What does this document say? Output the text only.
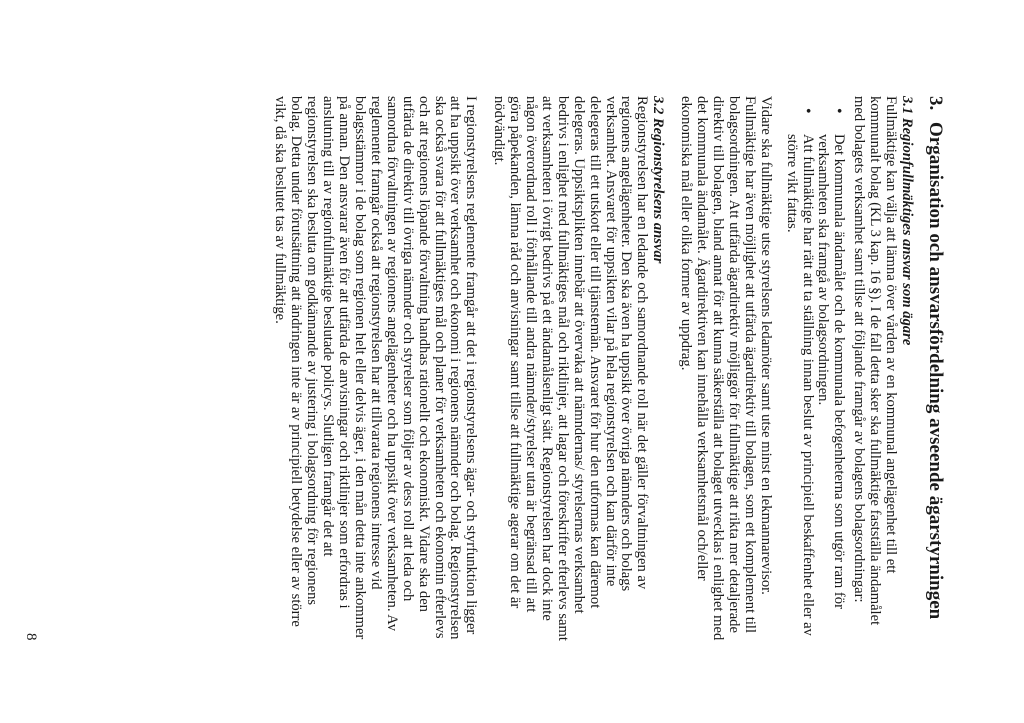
3.Organisation och ansvarsfördelning avseende ägarstyrningen

3.1 Regionfullmäktiges ansvar som ägare

Fullmäktige kan välja att lämna över vården av en kommunal angelägenhet till ett kommunalt bolag (KL 3 kap. 16 §). I de fall detta sker ska fullmäktige fastställa ändamålet med bolagets verksamhet samt tillse att följande framgår av bolagens bolagsordningar:

•
Det kommunala ändamålet och de kommunala befogenheterna som utgör ram för verksamheten ska framgå av bolagsordningen.
•
Att fullmäktige har rätt att ta ställning innan beslut av principiell beskaffenhet eller av större vikt fattas.

Vidare ska fullmäktige utse styrelsens ledamöter samt utse minst en lekmannarevisor. Fullmäktige har även möjlighet att utfärda ägardirektiv till bolagen, som ett komplement till bolagsordningen. Att utfärda ägardirektiv möjliggör för fullmäktige att rikta mer detaljerade direktiv till bolagen, bland annat för att kunna säkerställa att bolaget utvecklas i enlighet med det kommunala ändamålet. Ägardirektiven kan innehålla verksamhetsmål och/eller ekonomiska mål eller olika former av uppdrag.

3.2 Regionstyrelsens ansvar

Regionstyrelsen har en ledande och samordnande roll när det gäller förvaltningen av regionens angelägenheter. Den ska även ha uppsikt över övriga nämnders och bolags verksamhet. Ansvaret för uppsikten vilar på hela regionstyrelsen och kan därför inte delegeras till ett utskott eller till tjänstemän. Ansvaret för hur den utformas kan däremot delegeras. Uppsiktsplikten innebär att övervaka att nämndernas/ styrelsernas verksamhet bedrivs i enlighet med fullmäktiges mål och riktlinjer, att lagar och föreskrifter efterlevs samt att verksamheten i övrigt bedrivs på ett ändamålsenligt sätt. Regionstyrelsen har dock inte någon överordnad roll i förhållande till andra nämnder/styrelser utan är begränsad till att göra påpekanden, lämna råd och anvisningar samt tillse att fullmäktige agerar om det är nödvändigt.

I regionstyrelsens reglemente framgår att det i regionstyrelsens ägar- och styrfunktion ligger att ha uppsikt över verksamhet och ekonomi i regionens nämnder och bolag. Regionstyrelsen ska också svara för att fullmäktiges mål och planer för verksamheten och ekonomin efterlevs och att regionens löpande förvaltning handhas rationellt och ekonomiskt. Vidare ska den utfärda de direktiv till övriga nämnder och styrelser som följer av dess roll att leda och samordna förvaltningen av regionens angelägenheter och ha uppsikt över verksamheten. Av reglementet framgår också att regionstyrelsen har att tillvarata regionens intresse vid bolagsstämmor i de bolag som regionen helt eller delvis äger, i den mån detta inte ankommer på annan. Den ansvarar även för att utfärda de anvisningar och riktlinjer som erfordras i anslutning till av regionfullmäktige beslutade policys. Slutligen framgår det att regionstyrelsen ska besluta om godkännande av justering i bolagsordning för regionens bolag. Detta under förutsättning att ändringen inte är av principiell betydelse eller av större vikt, då ska beslutet tas av fullmäktige.

8
